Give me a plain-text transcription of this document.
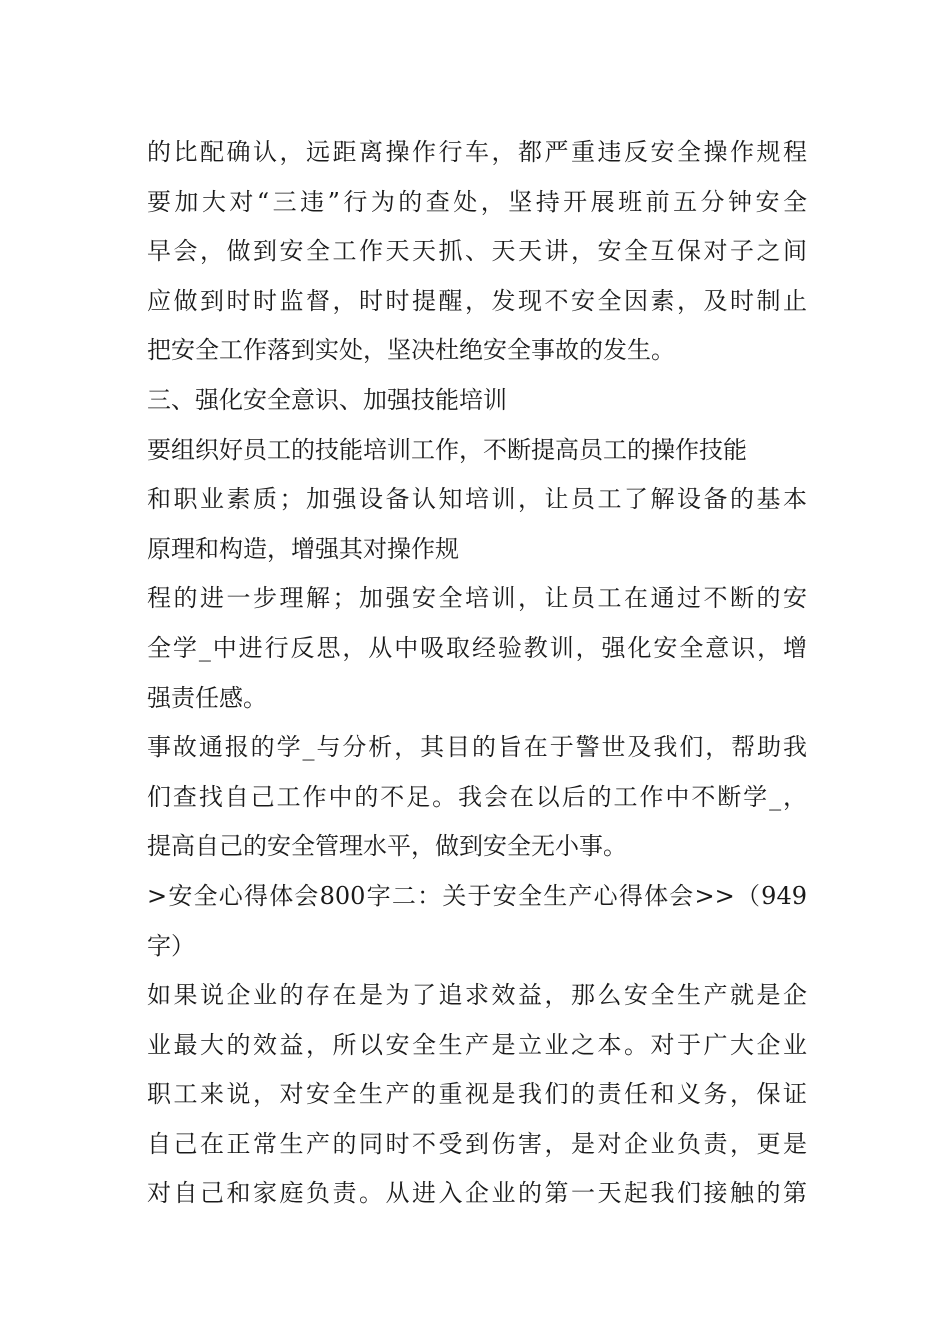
的比配确认，远距离操作行车，都严重违反安全操作规程
要加大对“三违”行为的查处，坚持开展班前五分钟安全
早会，做到安全工作天天抓、天天讲，安全互保对子之间
应做到时时监督，时时提醒，发现不安全因素，及时制止
把安全工作落到实处，坚决杜绝安全事故的发生。
三、强化安全意识、加强技能培训
要组织好员工的技能培训工作，不断提高员工的操作技能
和职业素质；加强设备认知培训，让员工了解设备的基本
原理和构造，增强其对操作规
程的进一步理解；加强安全培训，让员工在通过不断的安
全学_中进行反思，从中吸取经验教训，强化安全意识，增
强责任感。
事故通报的学_与分析，其目的旨在于警世及我们，帮助我
们查找自己工作中的不足。我会在以后的工作中不断学_，
提高自己的安全管理水平，做到安全无小事。
>安全心得体会800字二：关于安全生产心得体会>>（949
字）
如果说企业的存在是为了追求效益，那么安全生产就是企
业最大的效益，所以安全生产是立业之本。对于广大企业
职工来说，对安全生产的重视是我们的责任和义务，保证
自己在正常生产的同时不受到伤害，是对企业负责，更是
对自己和家庭负责。从进入企业的第一天起我们接触的第
